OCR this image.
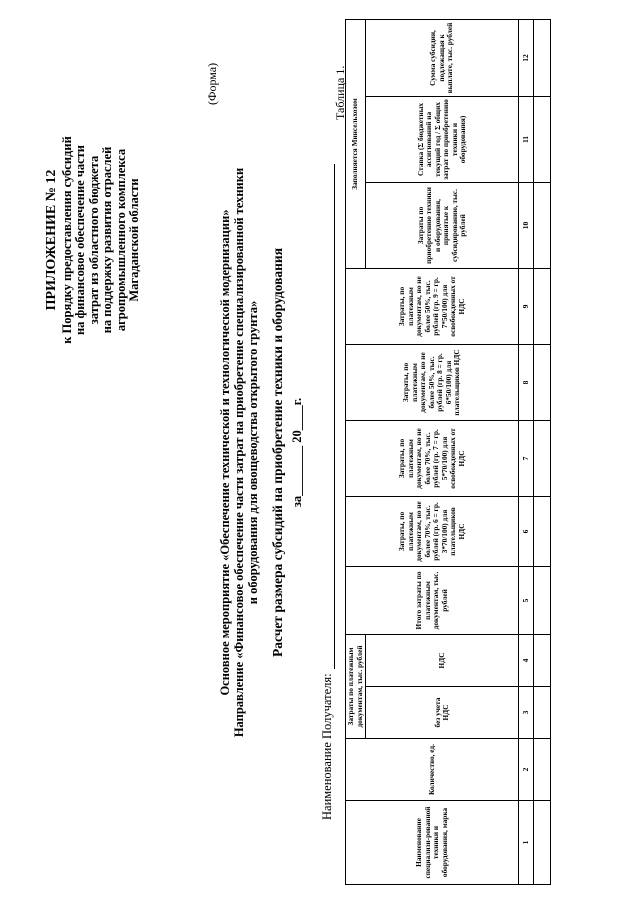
ПРИЛОЖЕНИЕ № 12 к Порядку предоставления субсидий на финансовое обеспечение части затрат из областного бюджета на поддержку развития отраслей агропромышленного комплекса Магаданской области
(Форма)
Основное мероприятие «Обеспечение технической и технологической модернизации» Направление «Финансовое обеспечение части затрат на приобретение специализированной техники и оборудования для овощеводства открытого грунта» Расчет размера субсидий на приобретение техники и оборудования за________ 20____г.
Наименование Получателя:
Таблица 1.
Наименование специализи-рованной техники и оборудования, марка	Количество, ед.	Затраты по платежным документам, тыс. рублей		Итого затраты по платежным документам, тыс. рублей	Затраты, по платежным документам, но не более 70%, тыс. рублей (гр. 6 = гр. 3*70/100) для плательщиков НДС	Затраты, по платежным документам, но не более 70%, тыс. рублей (гр. 7 = гр. 5*70/100) для освобожденных от НДС	Затраты, по платежным документам, но не более 50%, тыс. рублей (гр. 8 = гр. 6*50/100) для плательщиков НДС	Затраты, по платежным документам, но не более 50%, тыс. рублей (гр. 9 = гр. 7*50/100) для освобожденных от НДС	Заполняется Минсельхозом		
		без учета НДС	НДС						Затраты по приобретению техники и оборудования, принятые к субсидированию, тыс. рублей	Ставка (Σ бюджетных ассигнований на текущий год / Σ общих затрат по приобретению техники и оборудования)	Сумма субсидии, подлежащая к выплате, тыс. рублей
1	2	3	4	5	6	7	8	9	10	11	12
